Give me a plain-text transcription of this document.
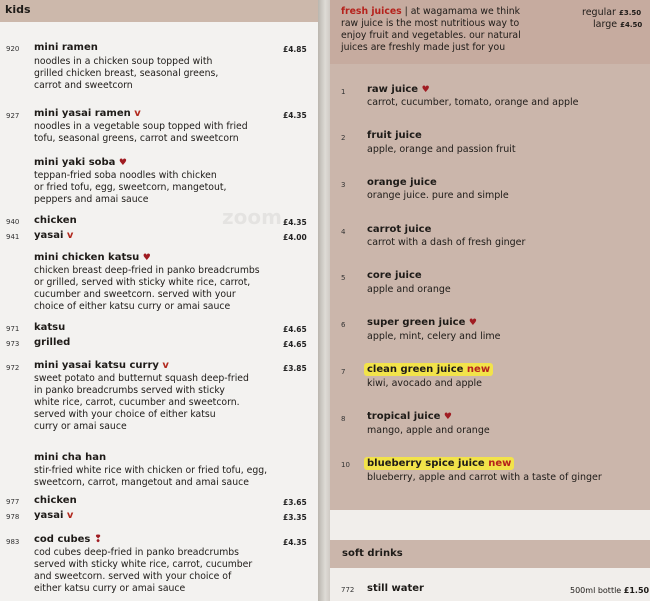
kids
920 mini ramen	£4.85
noodles in a chicken soup topped with
grilled chicken breast, seasonal greens,
carrot and sweetcorn
927 mini yasai ramen v	£4.35
noodles in a vegetable soup topped with fried
tofu, seasonal greens, carrot and sweetcorn
mini yaki soba ♥
teppan-fried soba noodles with chicken
or fried tofu, egg, sweetcorn, mangetout,
peppers and amai sauce
940 chicken	£4.35
941 yasai v	£4.00
mini chicken katsu ♥
chicken breast deep-fried in panko breadcrumbs
or grilled, served with sticky white rice, carrot,
cucumber and sweetcorn. served with your
choice of either katsu curry or amai sauce
971 katsu	£4.65
973 grilled	£4.65
972 mini yasai katsu curry v	£3.85
sweet potato and butternut squash deep-fried
in panko breadcrumbs served with sticky
white rice, carrot, cucumber and sweetcorn.
served with your choice of either katsu
curry or amai sauce
mini cha han
stir-fried white rice with chicken or fried tofu, egg,
sweetcorn, carrot, mangetout and amai sauce
977 chicken	£3.65
978 yasai v	£3.35
983 cod cubes ❢	£4.35
cod cubes deep-fried in panko breadcrumbs
served with sticky white rice, carrot, cucumber
and sweetcorn. served with your choice of
either katsu curry or amai sauce
zoom
fresh juices | at wagamama we think
raw juice is the most nutritious way to
enjoy fruit and vegetables. our natural
juices are freshly made just for you
regular £3.50
large £4.50
1 raw juice ♥
carrot, cucumber, tomato, orange and apple
2 fruit juice
apple, orange and passion fruit
3 orange juice
orange juice. pure and simple
4 carrot juice
carrot with a dash of fresh ginger
5 core juice
apple and orange
6 super green juice ♥
apple, mint, celery and lime
7	clean green juice new
kiwi, avocado and apple
8 tropical juice ♥
mango, apple and orange
10	blueberry spice juice new
blueberry, apple and carrot with a taste of ginger
soft drinks
772 still water	500ml bottle £1.50
